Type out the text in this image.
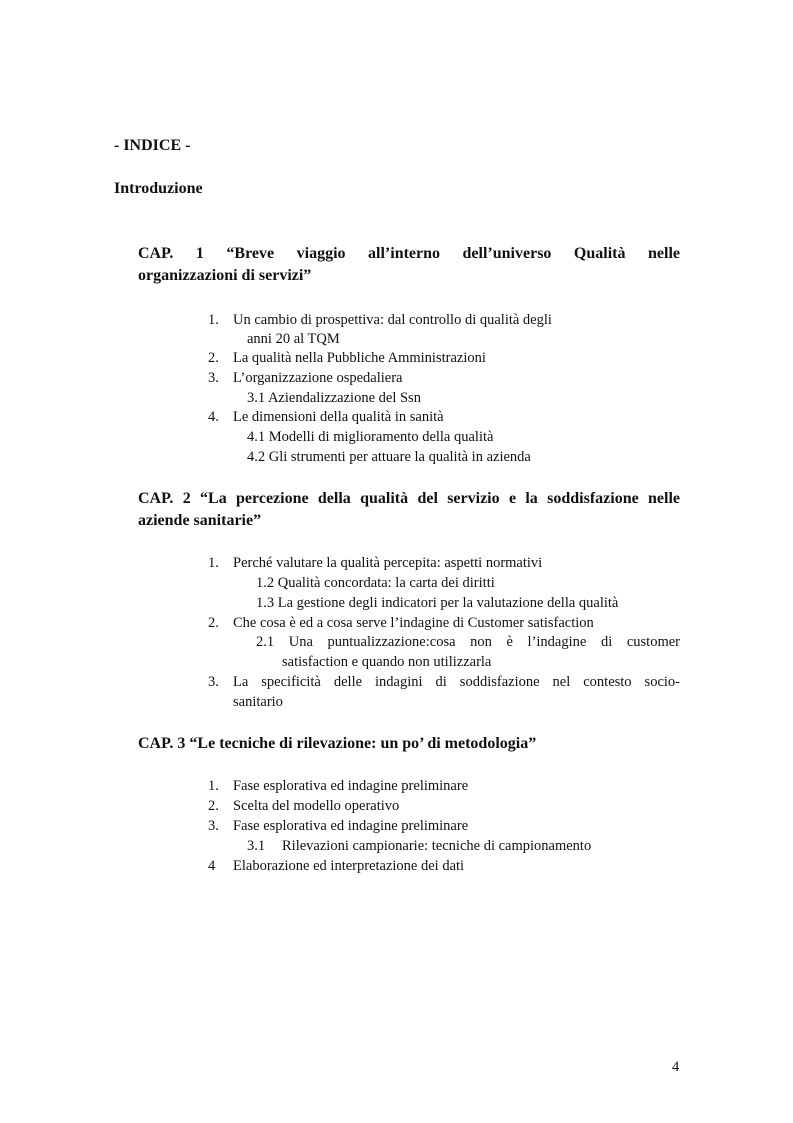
- INDICE -
Introduzione
CAP. 1 “Breve viaggio all’interno dell’universo Qualità nelle
organizzazioni di servizi”
1. Un cambio di prospettiva: dal controllo di qualità degli
anni 20 al TQM
2. La qualità nella Pubbliche Amministrazioni
3. L’organizzazione ospedaliera
3.1 Aziendalizzazione del Ssn
4. Le dimensioni della qualità in sanità
4.1 Modelli di miglioramento della qualità
4.2 Gli strumenti per attuare la qualità in azienda
CAP. 2 “La percezione della qualità del servizio e la soddisfazione nelle
aziende sanitarie”
1. Perché valutare la qualità percepita: aspetti normativi
1.2 Qualità concordata: la carta dei diritti
1.3 La gestione degli indicatori per la valutazione della qualità
2. Che cosa è ed a cosa serve l’indagine di Customer satisfaction
2.1 Una puntualizzazione:cosa non è l’indagine di customer
satisfaction e quando non utilizzarla
3. La specificità delle indagini di soddisfazione nel contesto socio-
sanitario
CAP. 3 “Le tecniche di rilevazione: un po’ di metodologia”
1. Fase esplorativa ed indagine preliminare
2. Scelta del modello operativo
3. Fase esplorativa ed indagine preliminare
3.1 Rilevazioni campionarie: tecniche di campionamento
4 Elaborazione ed interpretazione dei dati
4
